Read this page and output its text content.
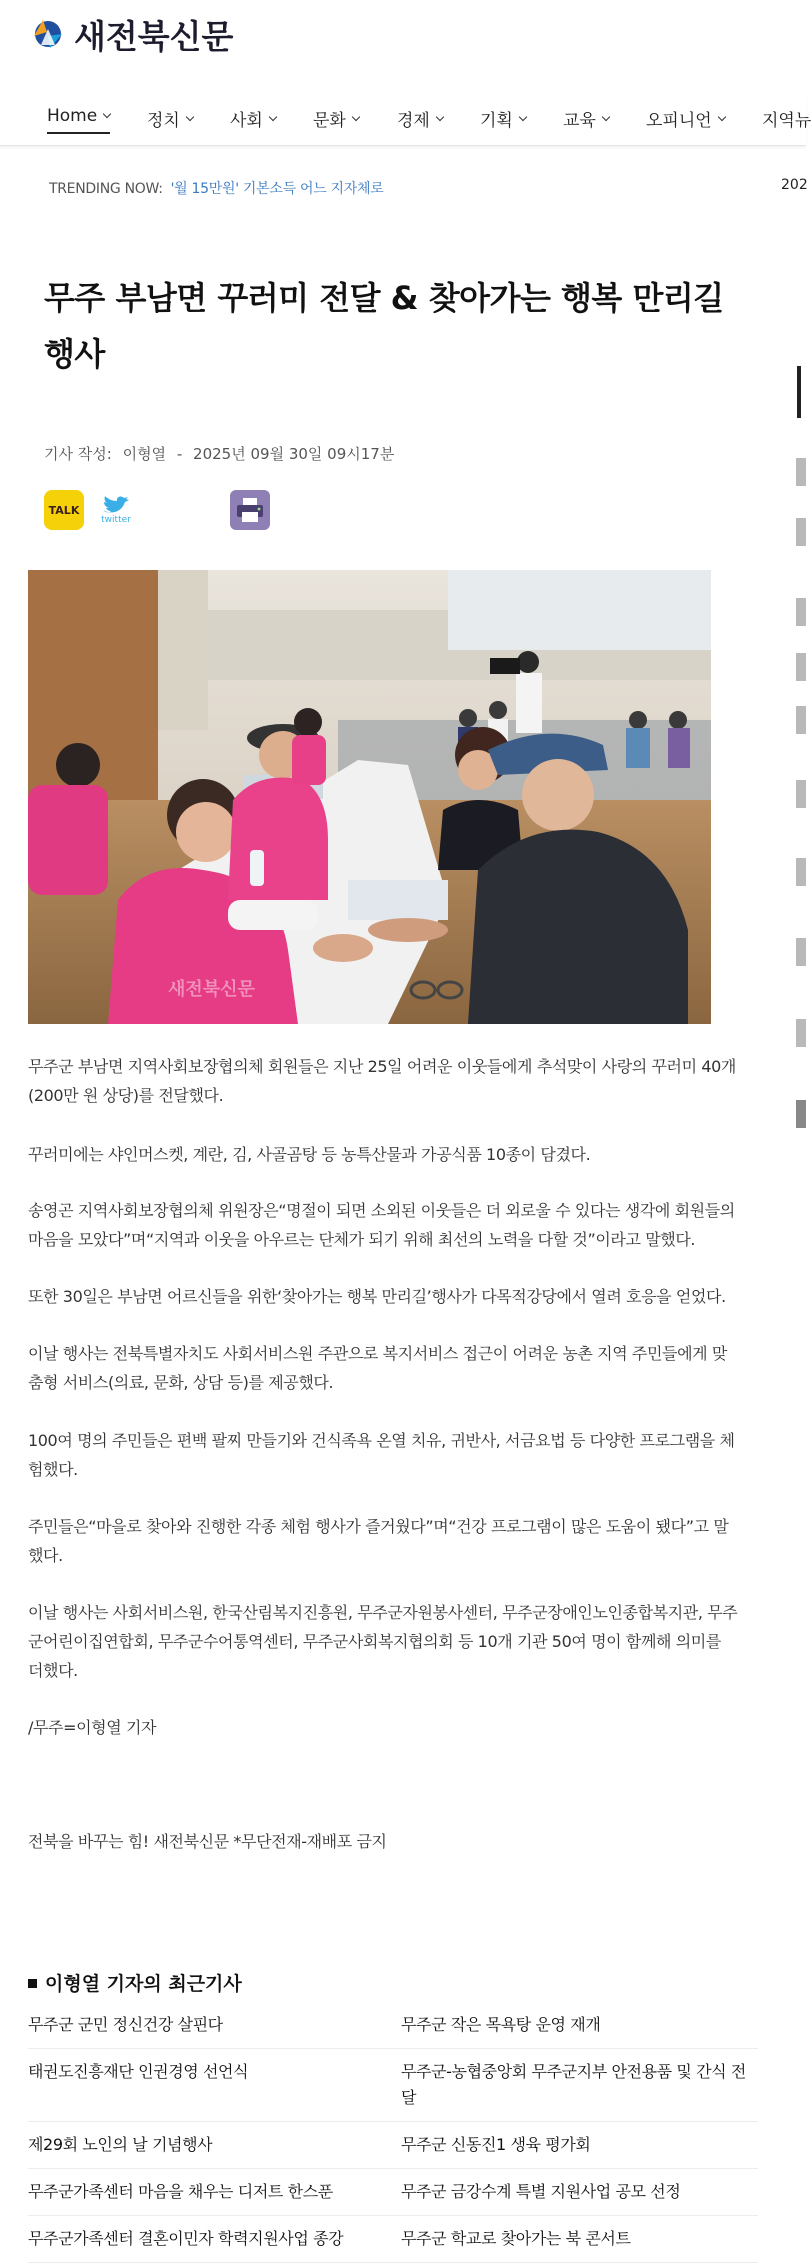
새전북신문
Home	정치	사회	문화	경제	기획	교육	오피니언	지역뉴
TRENDING NOW: '월 15만원' 기본소득 어느 지자체로	202
무주 부남면 꾸러미 전달 & 찾아가는 행복 만리길 행사
기사 작성: 이형열 - 2025년 09월 30일 09시17분
TALK
twitter
새전북신문

무주군 부남면 지역사회보장협의체 회원들은 지난 25일 어려운 이웃들에게 추석맞이 사랑의 꾸러미 40개(200만 원 상당)를 전달했다.

꾸러미에는 샤인머스켓, 계란, 김, 사골곰탕 등 농특산물과 가공식품 10종이 담겼다.

송영곤 지역사회보장협의체 위원장은“명절이 되면 소외된 이웃들은 더 외로울 수 있다는 생각에 회원들의 마음을 모았다”며“지역과 이웃을 아우르는 단체가 되기 위해 최선의 노력을 다할 것”이라고 말했다.

또한 30일은 부남면 어르신들을 위한‘찾아가는 행복 만리길’행사가 다목적강당에서 열려 호응을 얻었다.

이날 행사는 전북특별자치도 사회서비스원 주관으로 복지서비스 접근이 어려운 농촌 지역 주민들에게 맞춤형 서비스(의료, 문화, 상담 등)를 제공했다.

100여 명의 주민들은 편백 팔찌 만들기와 건식족욕 온열 치유, 귀반사, 서금요법 등 다양한 프로그램을 체험했다.

주민들은“마을로 찾아와 진행한 각종 체험 행사가 즐거웠다”며“건강 프로그램이 많은 도움이 됐다”고 말했다.

이날 행사는 사회서비스원, 한국산림복지진흥원, 무주군자원봉사센터, 무주군장애인노인종합복지관, 무주군어린이집연합회, 무주군수어통역센터, 무주군사회복지협의회 등 10개 기관 50여 명이 함께해 의미를 더했다.

/무주=이형열 기자

전북을 바꾸는 힘! 새전북신문 *무단전재-재배포 금지

이형열 기자의 최근기사
무주군 군민 정신건강 살핀다	무주군 작은 목욕탕 운영 재개
태권도진흥재단 인권경영 선언식	무주군-농협중앙회 무주군지부 안전용품 및 간식 전달
제29회 노인의 날 기념행사	무주군 신동진1 생육 평가회
무주군가족센터 마음을 채우는 디저트 한스푼	무주군 금강수계 특별 지원사업 공모 선정
무주군가족센터 결혼이민자 학력지원사업 종강	무주군 학교로 찾아가는 북 콘서트
